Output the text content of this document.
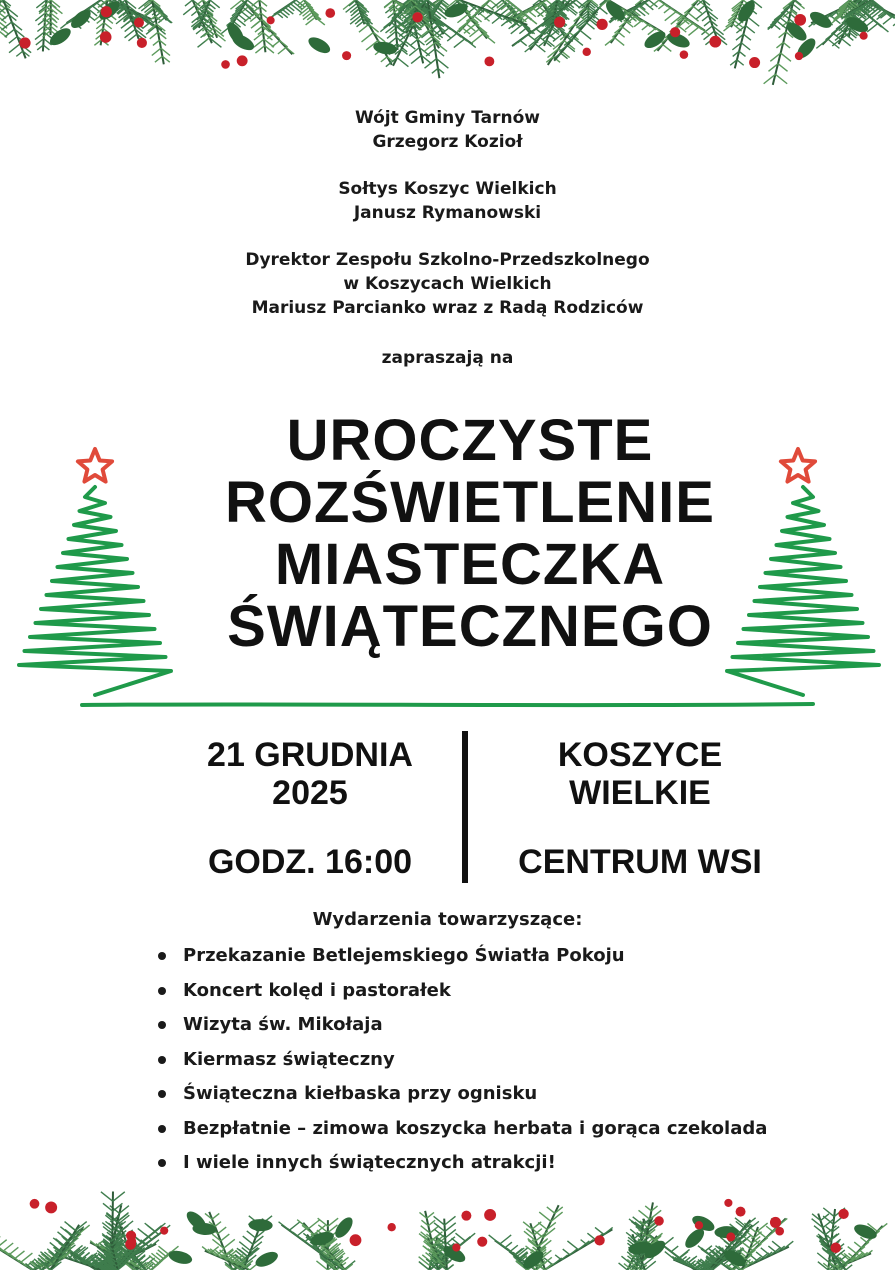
Wójt Gminy Tarnów
Grzegorz Kozioł
Sołtys Koszyc Wielkich
Janusz Rymanowski
Dyrektor Zespołu Szkolno-Przedszkolnego
w Koszycach Wielkich
Mariusz Parcianko wraz z Radą Rodziców
zapraszają na
UROCZYSTE
ROZŚWIETLENIE
MIASTECZKA
ŚWIĄTECZNEGO
21 GRUDNIA
2025
KOSZYCE
WIELKIE
GODZ. 16:00	CENTRUM WSI
Wydarzenia towarzyszące:
Przekazanie Betlejemskiego Światła Pokoju
Koncert kolęd i pastorałek
Wizyta św. Mikołaja
Kiermasz świąteczny
Świąteczna kiełbaska przy ognisku
Bezpłatnie – zimowa koszycka herbata i gorąca czekolada
I wiele innych świątecznych atrakcji!
